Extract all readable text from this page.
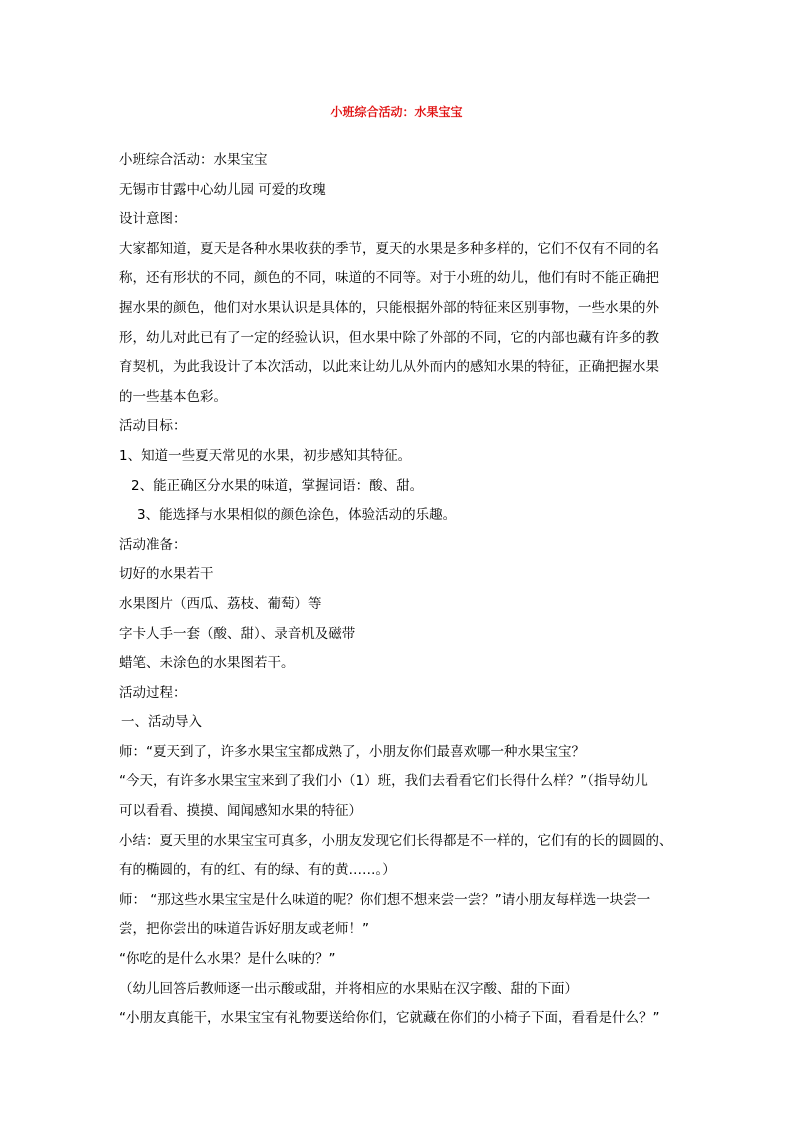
小班综合活动：水果宝宝
小班综合活动：水果宝宝
无锡市甘露中心幼儿园 可爱的玫瑰
设计意图：
大家都知道，夏天是各种水果收获的季节，夏天的水果是多种多样的，它们不仅有不同的名
称，还有形状的不同，颜色的不同，味道的不同等。对于小班的幼儿，他们有时不能正确把
握水果的颜色，他们对水果认识是具体的，只能根据外部的特征来区别事物，一些水果的外
形，幼儿对此已有了一定的经验认识，但水果中除了外部的不同，它的内部也藏有许多的教
育契机，为此我设计了本次活动，以此来让幼儿从外而内的感知水果的特征，正确把握水果
的一些基本色彩。
活动目标：
1、知道一些夏天常见的水果，初步感知其特征。
2、能正确区分水果的味道，掌握词语：酸、甜。
3、能选择与水果相似的颜色涂色，体验活动的乐趣。
活动准备：
切好的水果若干
水果图片（西瓜、荔枝、葡萄）等
字卡人手一套（酸、甜）、录音机及磁带
蜡笔、未涂色的水果图若干。
活动过程：
一、活动导入
师：“夏天到了，许多水果宝宝都成熟了，小朋友你们最喜欢哪一种水果宝宝？
“今天，有许多水果宝宝来到了我们小（1）班，我们去看看它们长得什么样？”（指导幼儿
可以看看、摸摸、闻闻感知水果的特征）
小结：夏天里的水果宝宝可真多，小朋友发现它们长得都是不一样的，它们有的长的圆圆的、
有的椭圆的，有的红、有的绿、有的黄……。）
师： “那这些水果宝宝是什么味道的呢？你们想不想来尝一尝？”请小朋友每样选一块尝一
尝，把你尝出的味道告诉好朋友或老师！”
“你吃的是什么水果？是什么味的？”
（幼儿回答后教师逐一出示酸或甜，并将相应的水果贴在汉字酸、甜的下面）
“小朋友真能干，水果宝宝有礼物要送给你们，它就藏在你们的小椅子下面，看看是什么？”
